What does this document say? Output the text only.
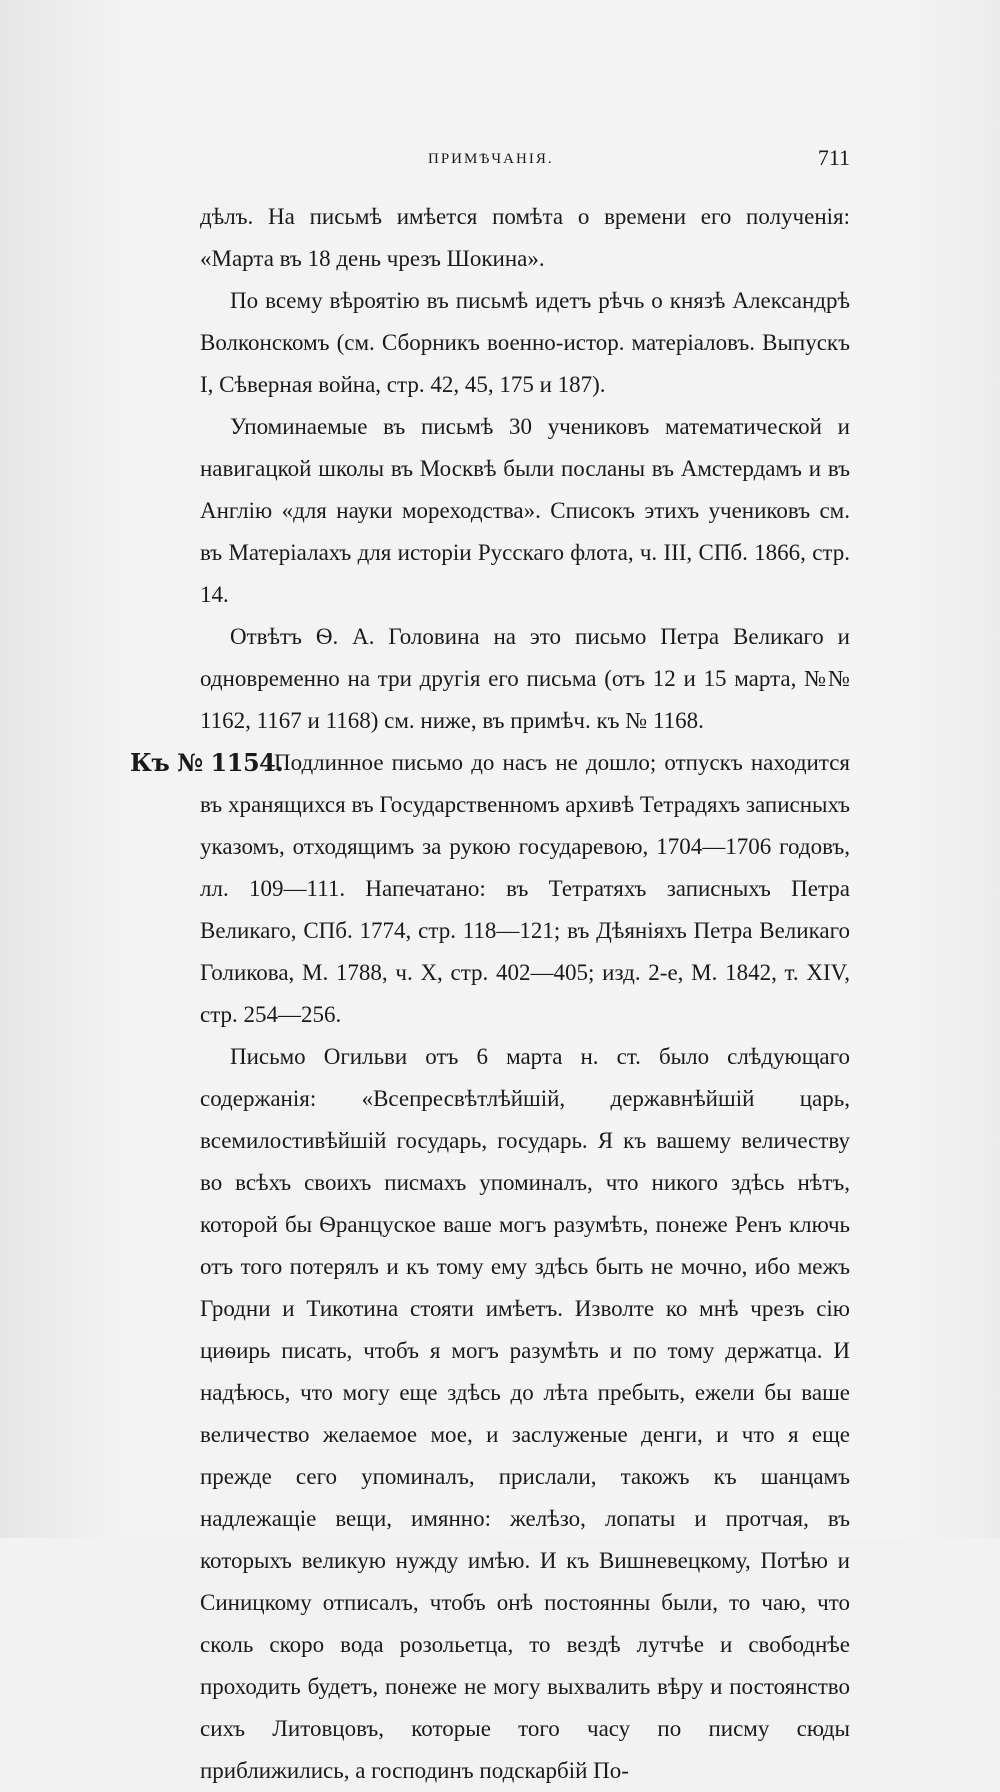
ПРИМѢЧАНІЯ.	711

дѣлъ. На письмѣ имѣется помѣта о времени его полученія: «Марта въ 18 день чрезъ Шокина».

По всему вѣроятію въ письмѣ идетъ рѣчь о князѣ Александрѣ Волконскомъ (см. Сборникъ военно-истор. матеріаловъ. Выпускъ I, Сѣверная война, стр. 42, 45, 175 и 187).

Упоминаемые въ письмѣ 30 учениковъ математической и навигацкой школы въ Москвѣ были посланы въ Амстердамъ и въ Англію «для науки мореходства». Списокъ этихъ учениковъ см. въ Матеріалахъ для исторіи Русскаго флота, ч. III, СПб. 1866, стр. 14.

Отвѣтъ Ѳ. А. Головина на это письмо Петра Великаго и одновременно на три другія его письма (отъ 12 и 15 марта, №№ 1162, 1167 и 1168) см. ниже, въ примѣч. къ № 1168.

Къ № 1154.
Подлинное письмо до насъ не дошло; отпускъ находится въ хранящихся въ Государственномъ архивѣ Тетрадяхъ записныхъ указомъ, отходящимъ за рукою государевою, 1704—1706 годовъ, лл. 109—111. Напечатано: въ Тетратяхъ записныхъ Петра Великаго, СПб. 1774, стр. 118—121; въ Дѣяніяхъ Петра Великаго Голикова, М. 1788, ч. X, стр. 402—405; изд. 2-е, М. 1842, т. XIV, стр. 254—256.

Письмо Огильви отъ 6 марта н. ст. было слѣдующаго содержанія: «Всепресвѣтлѣйшій, державнѣйшій царь, всемилостивѣйшій государь, государь. Я къ вашему величеству во всѣхъ своихъ писмахъ упоминалъ, что никого здѣсь нѣтъ, которой бы Ѳранцуское ваше могъ разумѣть, понеже Ренъ ключь отъ того потерялъ и къ тому ему здѣсь быть не мочно, ибо межъ Гродни и Тикотина стояти имѣетъ. Изволте ко мнѣ чрезъ сію циѳирь писать, чтобъ я могъ разумѣть и по тому держатца. И надѣюсь, что могу еще здѣсь до лѣта пребыть, ежели бы ваше величество желаемое мое, и заслуженые денги, и что я еще прежде сего упоминалъ, прислали, такожъ къ шанцамъ надлежащіе вещи, имянно: желѣзо, лопаты и протчая, въ которыхъ великую нужду имѣю. И къ Вишневецкому, Потѣю и Синицкому отписалъ, чтобъ онѣ постоянны были, то чаю, что сколь скоро вода розольетца, то вездѣ лутчѣе и свободнѣе проходить будетъ, понеже не могу выхвалить вѣру и постоянство сихъ Литовцовъ, которые того часу по писму сюды приближились, а господинъ подскарбій По-
